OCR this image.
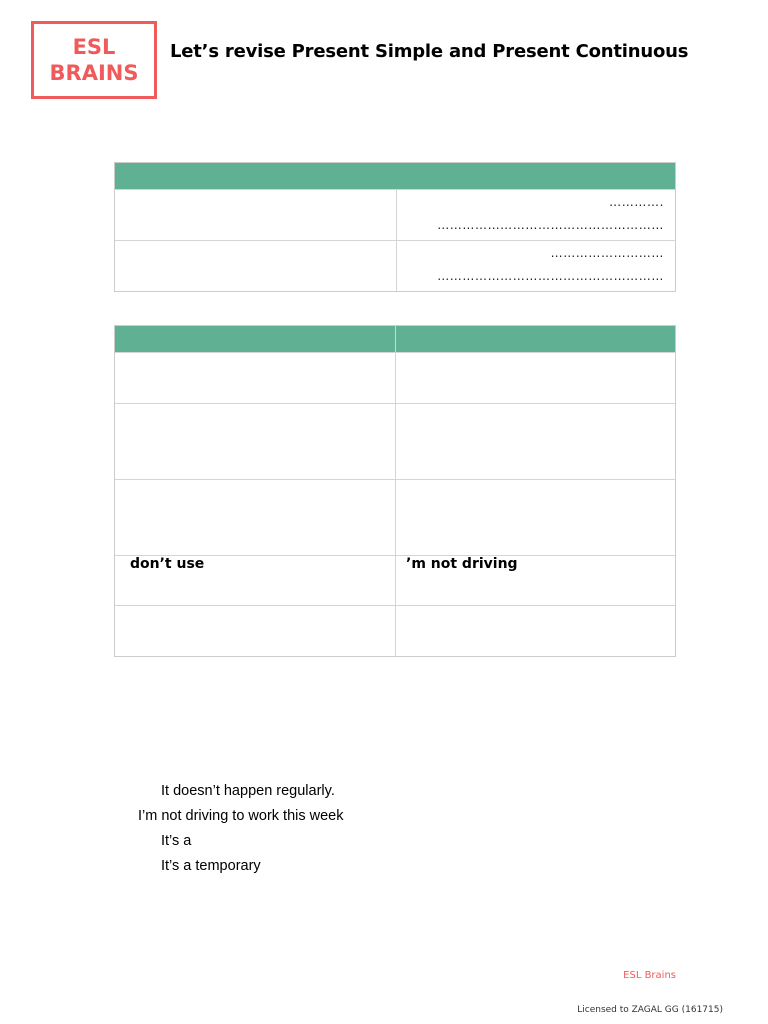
ESL
BRAINS
Let’s revise Present Simple and Present Continuous
………….
………………………………………………
………………………
………………………………………………
don’t use	’m not driving
It doesn’t happen regularly.
I’m not driving to work this week
It’s a
It’s a temporary
ESL Brains
Licensed to ZAGAL GG (161715)
